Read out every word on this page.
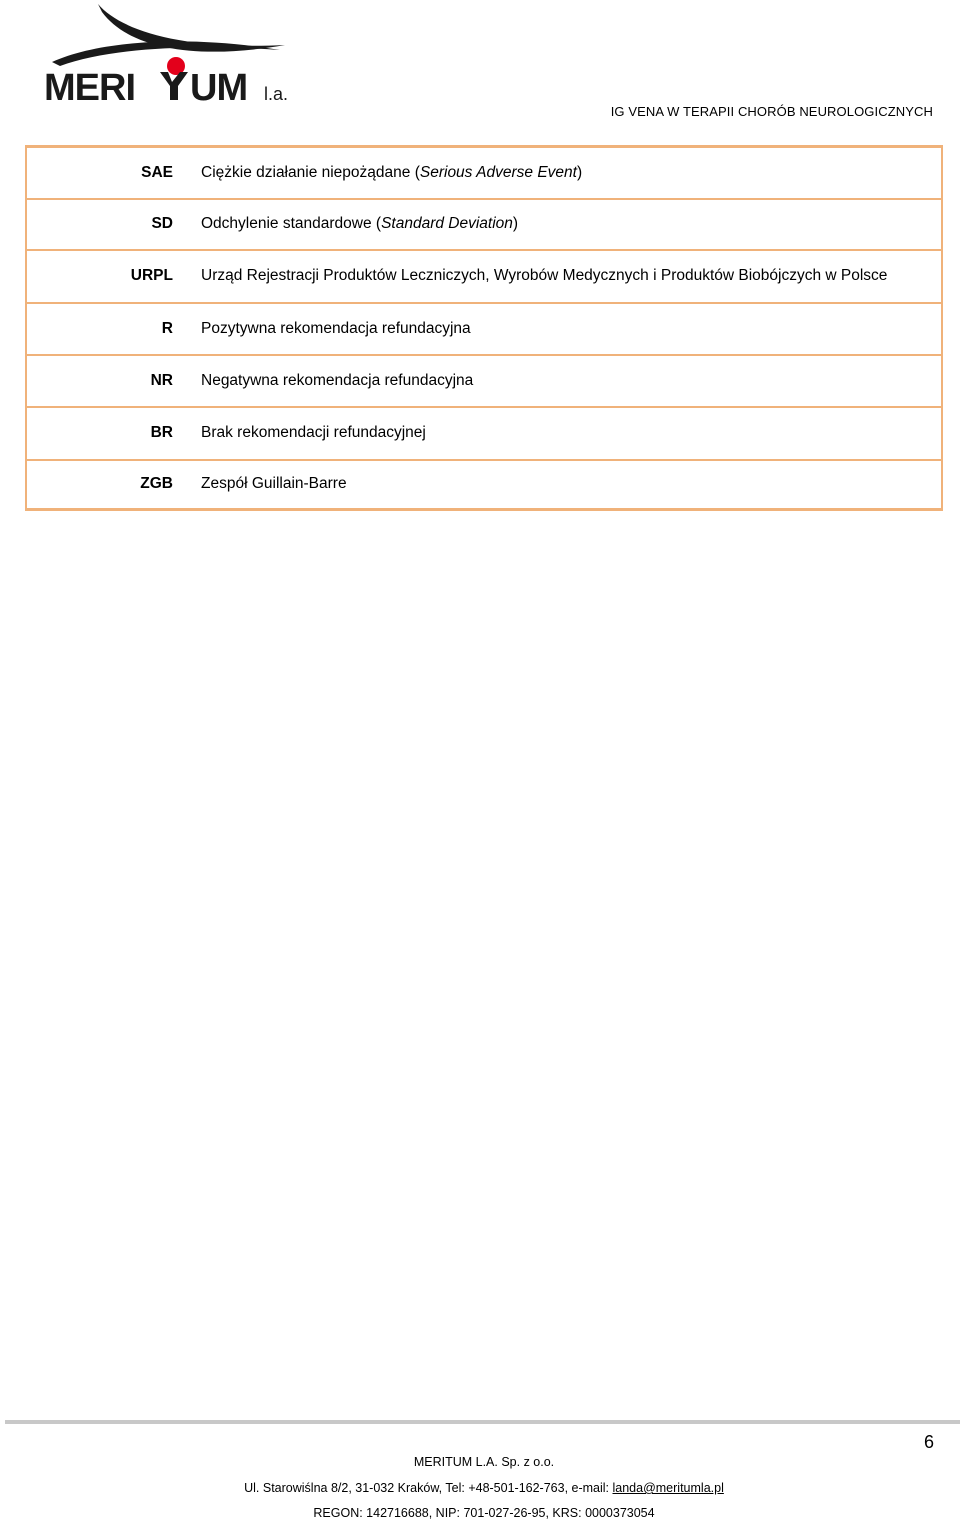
MERI UM l.a.
IG VENA W TERAPII CHORÓB NEUROLOGICZNYCH
SAE	Ciężkie działanie niepożądane (Serious Adverse Event)
SD	Odchylenie standardowe (Standard Deviation)
URPL	Urząd Rejestracji Produktów Leczniczych, Wyrobów Medycznych i Produktów Biobójczych w Polsce
R	Pozytywna rekomendacja refundacyjna
NR	Negatywna rekomendacja refundacyjna
BR	Brak rekomendacji refundacyjnej
ZGB	Zespół Guillain-Barre
6
MERITUM L.A. Sp. z o.o.
Ul. Starowiślna 8/2, 31-032 Kraków, Tel: +48-501-162-763, e-mail: landa@meritumla.pl
REGON: 142716688, NIP: 701-027-26-95, KRS: 0000373054
